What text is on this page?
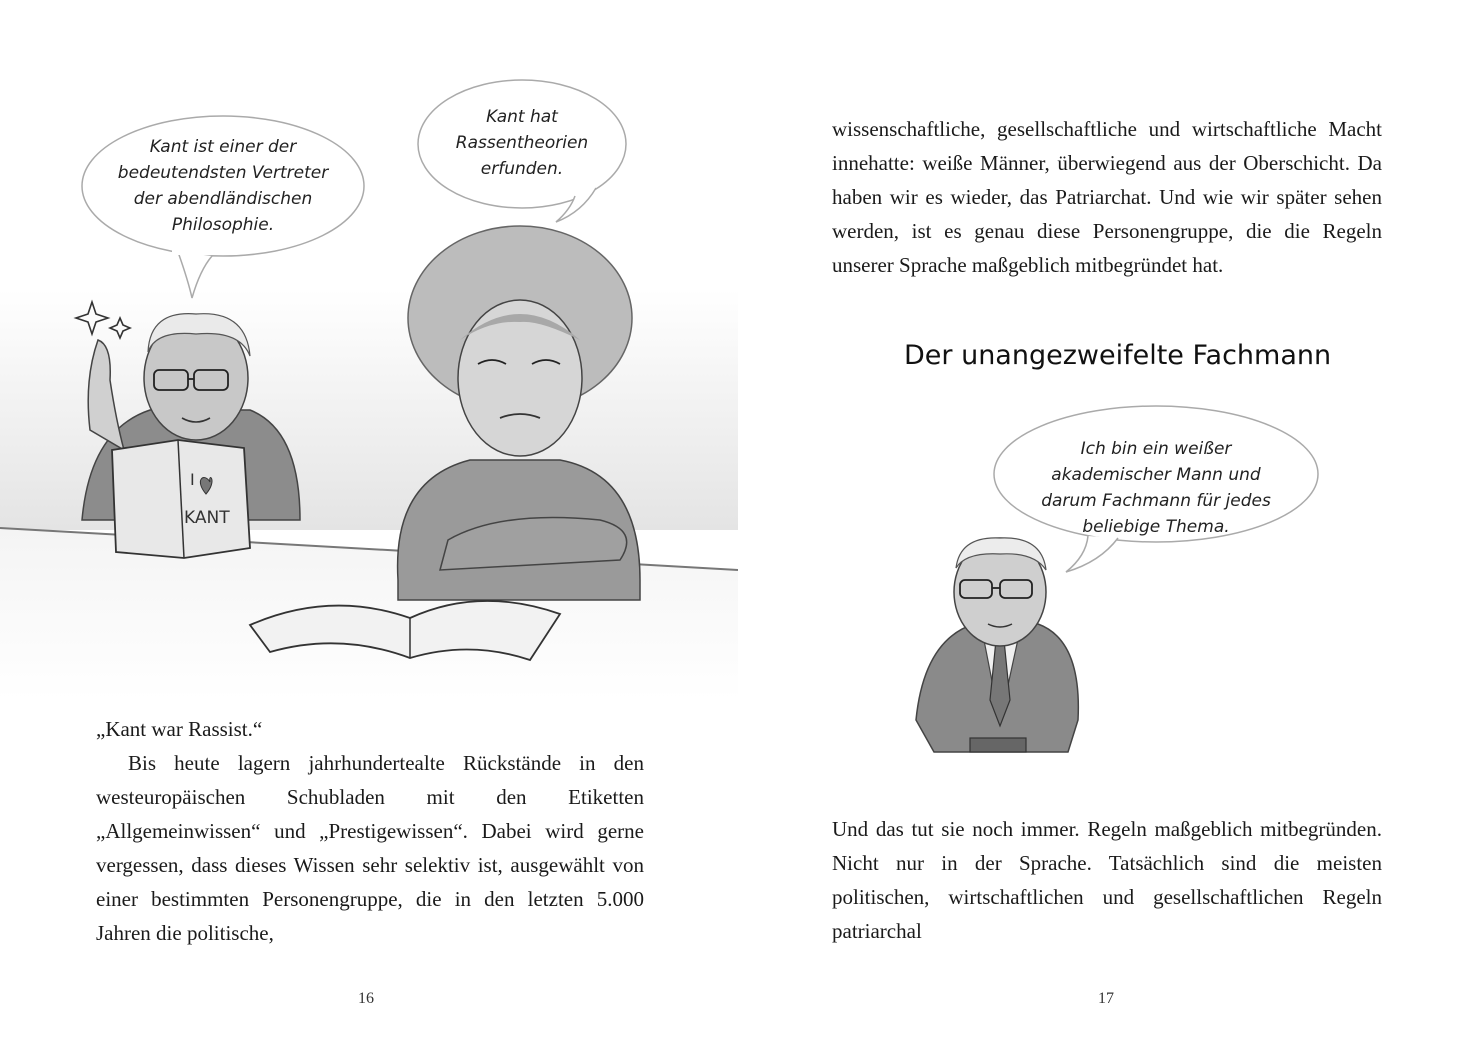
Kant ist einer der bedeutendsten Vertreter der abendländischen Philosophie.
Kant hat Rassentheorien erfunden.
I
KANT

„Kant war Rassist.“

Bis heute lagern jahrhundertealte Rückstände in den westeuropäischen Schubladen mit den Etiketten „Allgemeinwissen“ und „Prestigewissen“. Dabei wird gerne vergessen, dass dieses Wissen sehr selektiv ist, ausgewählt von einer bestimmten Personengruppe, die in den letzten 5.000 Jahren die politische,

16
wissenschaftliche, gesellschaftliche und wirtschaftliche Macht innehatte: weiße Männer, überwiegend aus der Oberschicht. Da haben wir es wieder, das Patriarchat. Und wie wir später sehen werden, ist es genau diese Personengruppe, die die Regeln unserer Sprache maßgeblich mitbegründet hat.
Der unangezweifelte Fachmann
Ich bin ein weißer akademischer Mann und darum Fachmann für jedes beliebige Thema.
Und das tut sie noch immer. Regeln maßgeblich mitbegründen. Nicht nur in der Sprache. Tatsächlich sind die meisten politischen, wirtschaftlichen und gesellschaftlichen Regeln patriarchal
17
